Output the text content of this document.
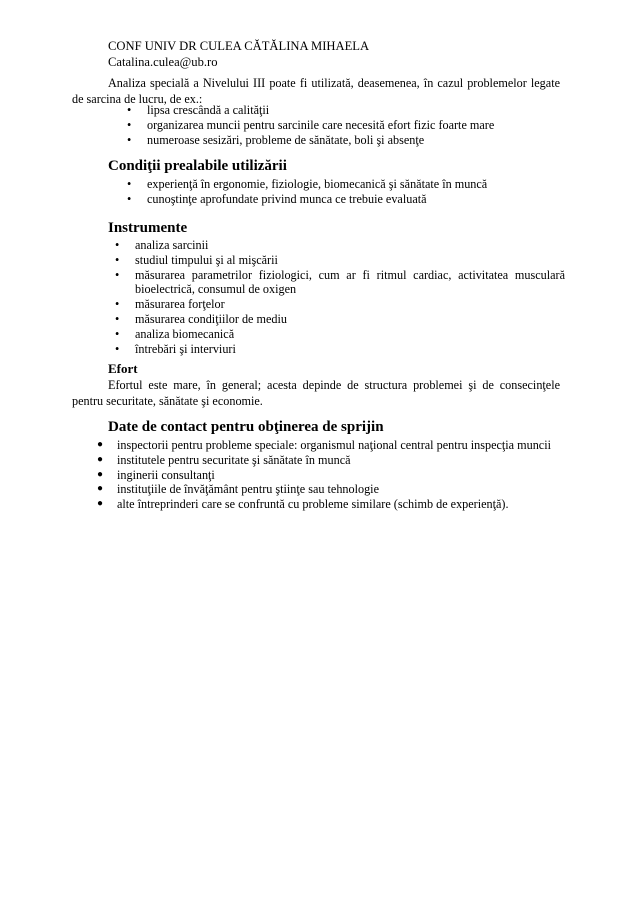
CONF UNIV DR CULEA CĂTĂLINA MIHAELA
Catalina.culea@ub.ro
Analiza specială a Nivelului III poate fi utilizată, deasemenea, în cazul problemelor legate de sarcina de lucru, de ex.:
• lipsa crescândă a calităţii
• organizarea muncii pentru sarcinile care necesită efort fizic foarte mare
• numeroase sesizări, probleme de sănătate, boli şi absenţe
Condiţii prealabile utilizării
• experienţă în ergonomie, fiziologie, biomecanică şi sănătate în muncă
• cunoştinţe aprofundate privind munca ce trebuie evaluată
Instrumente
• analiza sarcinii
• studiul timpului şi al mişcării
• măsurarea parametrilor fiziologici, cum ar fi ritmul cardiac, activitatea musculară bioelectrică, consumul de oxigen
• măsurarea forţelor
• măsurarea condiţiilor de mediu
• analiza biomecanică
• întrebări şi interviuri
Efort
Efortul este mare, în general; acesta depinde de structura problemei şi de consecinţele pentru securitate, sănătate şi economie.
Date de contact pentru obţinerea de sprijin
● inspectorii pentru probleme speciale: organismul naţional central pentru inspecţia muncii
● institutele pentru securitate şi sănătate în muncă
● inginerii consultanţi
● instituţiile de învăţământ pentru ştiinţe sau tehnologie
● alte întreprinderi care se confruntă cu probleme similare (schimb de experienţă).
